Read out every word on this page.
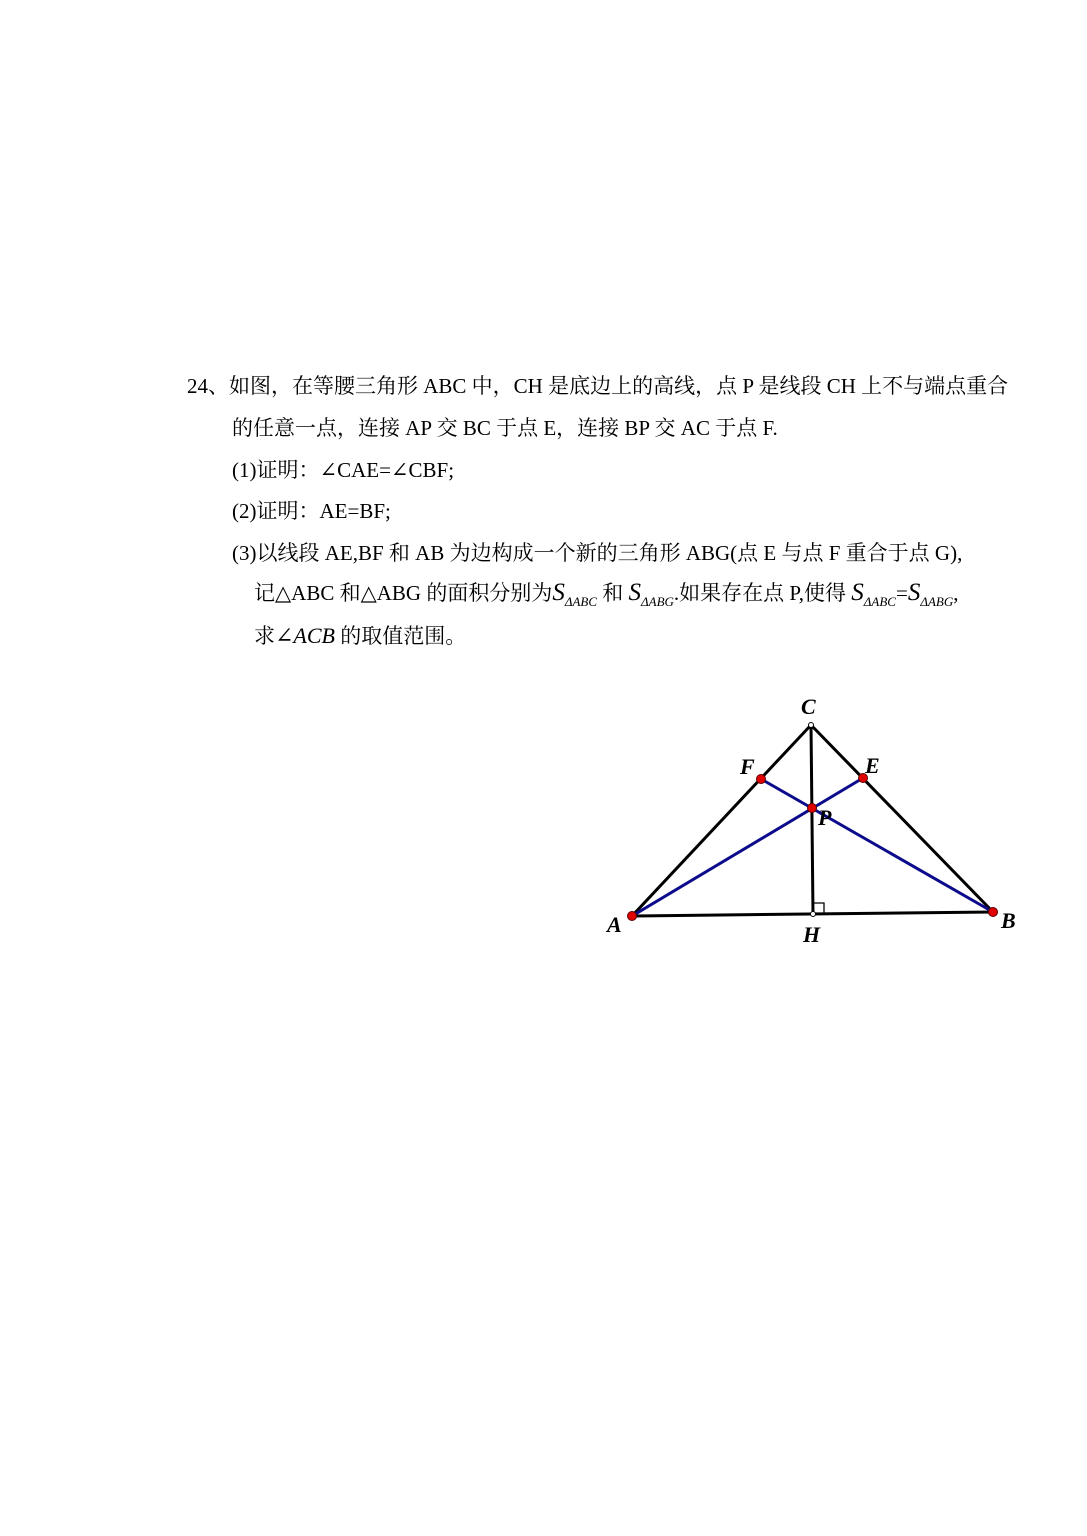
24、如图，在等腰三角形 ABC 中，CH 是底边上的高线，点 P 是线段 CH 上不与端点重合
的任意一点，连接 AP 交 BC 于点 E，连接 BP 交 AC 于点 F.
(1)证明：∠CAE=∠CBF;
(2)证明：AE=BF;
(3)以线段 AE,BF 和 AB 为边构成一个新的三角形 ABG(点 E 与点 F 重合于点 G),
记△ABC 和△ABG 的面积分别为$S_{\Delta ABC}$ 和 $S_{\Delta ABG}$.如果存在点 P,使得 $S_{\Delta ABC}=S_{\Delta ABG}$,
求∠ACB 的取值范围。
C
F	E
P
A	B
H
